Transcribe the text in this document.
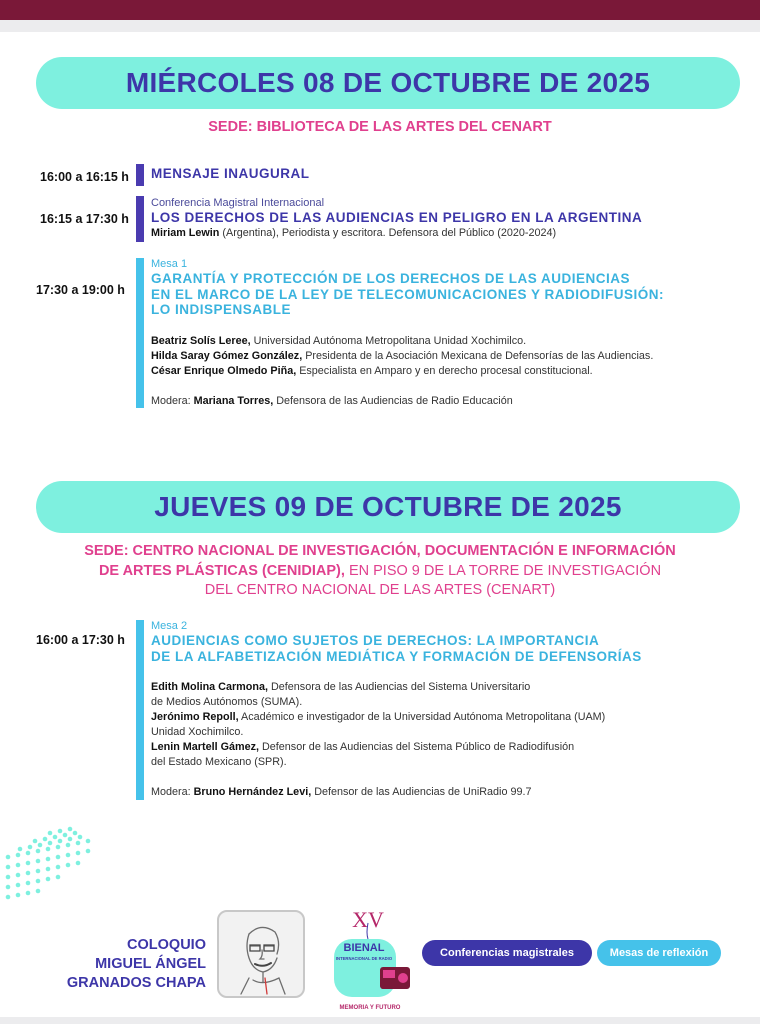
MIÉRCOLES 08 DE OCTUBRE DE 2025
SEDE: BIBLIOTECA DE LAS ARTES DEL CENART
16:00 a 16:15 h MENSAJE INAUGURAL
16:15 a 17:30 h
Conferencia Magistral Internacional
LOS DERECHOS DE LAS AUDIENCIAS EN PELIGRO EN LA ARGENTINA
Miriam Lewin (Argentina), Periodista y escritora. Defensora del Público (2020-2024)
17:30 a 19:00 h
Mesa 1
GARANTÍA Y PROTECCIÓN DE LOS DERECHOS DE LAS AUDIENCIAS
EN EL MARCO DE LA LEY DE TELECOMUNICACIONES Y RADIODIFUSIÓN:
LO INDISPENSABLE
Beatriz Solís Leree, Universidad Autónoma Metropolitana Unidad Xochimilco.
Hilda Saray Gómez González, Presidenta de la Asociación Mexicana de Defensorías de las Audiencias.
César Enrique Olmedo Piña, Especialista en Amparo y en derecho procesal constitucional.
Modera: Mariana Torres, Defensora de las Audiencias de Radio Educación
JUEVES 09 DE OCTUBRE DE 2025
SEDE: CENTRO NACIONAL DE INVESTIGACIÓN, DOCUMENTACIÓN E INFORMACIÓN
DE ARTES PLÁSTICAS (CENIDIAP), EN PISO 9 DE LA TORRE DE INVESTIGACIÓN
DEL CENTRO NACIONAL DE LAS ARTES (CENART)
16:00 a 17:30 h
Mesa 2
AUDIENCIAS COMO SUJETOS DE DERECHOS: LA IMPORTANCIA
DE LA ALFABETIZACIÓN MEDIÁTICA Y FORMACIÓN DE DEFENSORÍAS
Edith Molina Carmona, Defensora de las Audiencias del Sistema Universitario
de Medios Autónomos (SUMA).
Jerónimo Repoll, Académico e investigador de la Universidad Autónoma Metropolitana (UAM)
Unidad Xochimilco.
Lenin Martell Gámez, Defensor de las Audiencias del Sistema Público de Radiodifusión
del Estado Mexicano (SPR).
Modera: Bruno Hernández Levi, Defensor de las Audiencias de UniRadio 99.7
COLOQUIO
MIGUEL ÁNGEL
GRANADOS CHAPA
XV
BIENAL
INTERNACIONAL DE RADIO
MEMORIA Y FUTURO
Conferencias magistrales	Mesas de reflexión
